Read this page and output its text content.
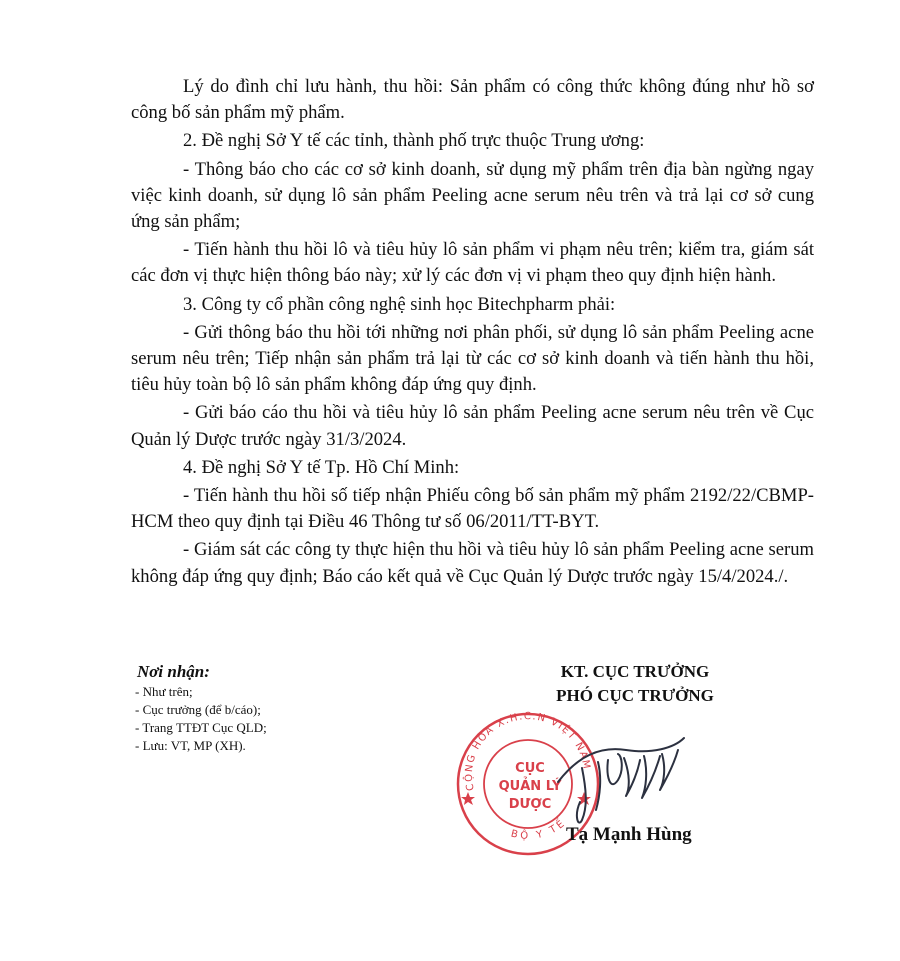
Lý do đình chỉ lưu hành, thu hồi: Sản phẩm có công thức không đúng như hồ sơ công bố sản phẩm mỹ phẩm.

2. Đề nghị Sở Y tế các tỉnh, thành phố trực thuộc Trung ương:

- Thông báo cho các cơ sở kinh doanh, sử dụng mỹ phẩm trên địa bàn ngừng ngay việc kinh doanh, sử dụng lô sản phẩm Peeling acne serum nêu trên và trả lại cơ sở cung ứng sản phẩm;

- Tiến hành thu hồi lô và tiêu hủy lô sản phẩm vi phạm nêu trên; kiểm tra, giám sát các đơn vị thực hiện thông báo này; xử lý các đơn vị vi phạm theo quy định hiện hành.

3. Công ty cổ phần công nghệ sinh học Bitechpharm phải:

- Gửi thông báo thu hồi tới những nơi phân phối, sử dụng lô sản phẩm Peeling acne serum nêu trên; Tiếp nhận sản phẩm trả lại từ các cơ sở kinh doanh và tiến hành thu hồi, tiêu hủy toàn bộ lô sản phẩm không đáp ứng quy định.

- Gửi báo cáo thu hồi và tiêu hủy lô sản phẩm Peeling acne serum nêu trên về Cục Quản lý Dược trước ngày 31/3/2024.

4. Đề nghị Sở Y tế Tp. Hồ Chí Minh:

- Tiến hành thu hồi số tiếp nhận Phiếu công bố sản phẩm mỹ phẩm 2192/22/CBMP-HCM theo quy định tại Điều 46 Thông tư số 06/2011/TT-BYT.

- Giám sát các công ty thực hiện thu hồi và tiêu hủy lô sản phẩm Peeling acne serum không đáp ứng quy định; Báo cáo kết quả về Cục Quản lý Dược trước ngày 15/4/2024./.

Nơi nhận:

- Như trên;

- Cục trưởng (để b/cáo);

- Trang TTĐT Cục QLD;

- Lưu: VT, MP (XH).

KT. CỤC TRƯỞNG
PHÓ CỤC TRƯỞNG
CỘNG HÒA X.H.C.N VIỆT NAM
BỘ Y TẾ
CỤC
QUẢN LÝ
DƯỢC
Tạ Mạnh Hùng
